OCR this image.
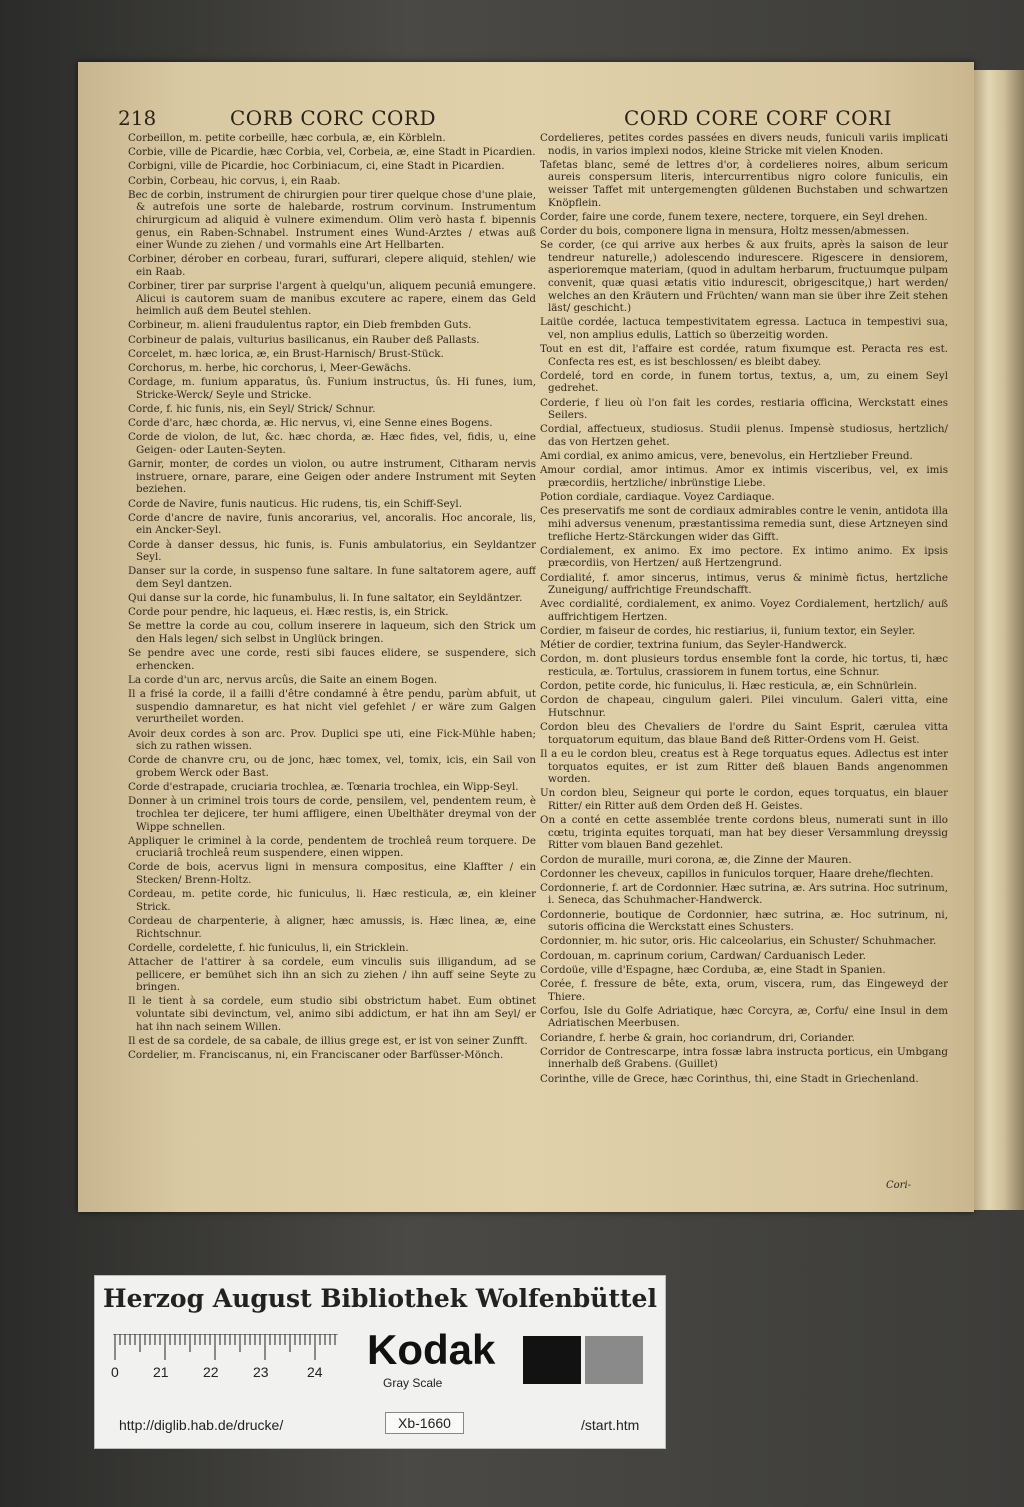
218	CORB CORC CORD	CORD CORE CORF CORI

Corbeillon, m. petite corbeille, hæc corbula, æ, ein Körbleln.

Corbie, ville de Picardie, hæc Corbia, vel, Corbeia, æ, eine Stadt in Picardien.

Corbigni, ville de Picardie, hoc Corbiniacum, ci, eine Stadt in Picardien.

Corbin, Corbeau, hic corvus, i, ein Raab.

Bec de corbin, instrument de chirurgien pour tirer quelque chose d'une plaie, & autrefois une sorte de halebarde, rostrum corvinum. Instrumentum chirurgicum ad aliquid è vulnere eximendum. Olim verò hasta f. bipennis genus, ein Raben-Schnabel. Instrument eines Wund-Arztes / etwas auß einer Wunde zu ziehen / und vormahls eine Art Hellbarten.

Corbiner, dérober en corbeau, furari, suffurari, clepere aliquid, stehlen/ wie ein Raab.

Corbiner, tirer par surprise l'argent à quelqu'un, aliquem pecuniâ emungere. Alicui is cautorem suam de manibus excutere ac rapere, einem das Geld heimlich auß dem Beutel stehlen.

Corbineur, m. alieni fraudulentus raptor, ein Dieb frembden Guts.

Corbineur de palais, vulturius basilicanus, ein Rauber deß Pallasts.

Corcelet, m. hæc lorica, æ, ein Brust-Harnisch/ Brust-Stück.

Corchorus, m. herbe, hic corchorus, i, Meer-Gewächs.

Cordage, m. funium apparatus, ûs. Funium instructus, ûs. Hi funes, ium, Stricke-Werck/ Seyle und Stricke.

Corde, f. hic funis, nis, ein Seyl/ Strick/ Schnur.

Corde d'arc, hæc chorda, æ. Hic nervus, vi, eine Senne eines Bogens.

Corde de violon, de lut, &c. hæc chorda, æ. Hæc fides, vel, fidis, u, eine Geigen- oder Lauten-Seyten.

Garnir, monter, de cordes un violon, ou autre instrument, Citharam nervis instruere, ornare, parare, eine Geigen oder andere Instrument mit Seyten beziehen.

Corde de Navire, funis nauticus. Hic rudens, tis, ein Schiff-Seyl.

Corde d'ancre de navire, funis ancorarius, vel, ancoralis. Hoc ancorale, lis, ein Ancker-Seyl.

Corde à danser dessus, hic funis, is. Funis ambulatorius, ein Seyldantzer Seyl.

Danser sur la corde, in suspenso fune saltare. In fune saltatorem agere, auff dem Seyl dantzen.

Qui danse sur la corde, hic funambulus, li. In fune saltator, ein Seyldäntzer.

Corde pour pendre, hic laqueus, ei. Hæc restis, is, ein Strick.

Se mettre la corde au cou, collum inserere in laqueum, sich den Strick um den Hals legen/ sich selbst in Unglück bringen.

Se pendre avec une corde, resti sibi fauces elidere, se suspendere, sich erhencken.

La corde d'un arc, nervus arcûs, die Saite an einem Bogen.

Il a frisé la corde, il a failli d'être condamné à être pendu, parùm abfuit, ut suspendio damnaretur, es hat nicht viel gefehlet / er wäre zum Galgen verurtheilet worden.

Avoir deux cordes à son arc. Prov. Duplici spe uti, eine Fick-Mühle haben; sich zu rathen wissen.

Corde de chanvre cru, ou de jonc, hæc tomex, vel, tomix, icis, ein Sail von grobem Werck oder Bast.

Corde d'estrapade, cruciaria trochlea, æ. Tœnaria trochlea, ein Wipp-Seyl.

Donner à un criminel trois tours de corde, pensilem, vel, pendentem reum, è trochlea ter dejicere, ter humi affligere, einen Ubelthäter dreymal von der Wippe schnellen.

Appliquer le criminel à la corde, pendentem de trochleâ reum torquere. De cruciariâ trochleâ reum suspendere, einen wippen.

Corde de bois, acervus ligni in mensura compositus, eine Klaffter / ein Stecken/ Brenn-Holtz.

Cordeau, m. petite corde, hic funiculus, li. Hæc resticula, æ, ein kleiner Strick.

Cordeau de charpenterie, à aligner, hæc amussis, is. Hæc linea, æ, eine Richtschnur.

Cordelle, cordelette, f. hic funiculus, li, ein Stricklein.

Attacher de l'attirer à sa cordele, eum vinculis suis illigandum, ad se pellicere, er bemühet sich ihn an sich zu ziehen / ihn auff seine Seyte zu bringen.

Il le tient à sa cordele, eum studio sibi obstrictum habet. Eum obtinet voluntate sibi devinctum, vel, animo sibi addictum, er hat ihn am Seyl/ er hat ihn nach seinem Willen.

Il est de sa cordele, de sa cabale, de illius grege est, er ist von seiner Zunfft.

Cordelier, m. Franciscanus, ni, ein Franciscaner oder Barfüsser-Mönch.

Cordelieres, petites cordes passées en divers neuds, funiculi variis implicati nodis, in varios implexi nodos, kleine Stricke mit vielen Knoden.

Tafetas blanc, semé de lettres d'or, à cordelieres noires, album sericum aureis conspersum literis, intercurrentibus nigro colore funiculis, ein weisser Taffet mit untergemengten güldenen Buchstaben und schwartzen Knöpflein.

Corder, faire une corde, funem texere, nectere, torquere, ein Seyl drehen.

Corder du bois, componere ligna in mensura, Holtz messen/abmessen.

Se corder, (ce qui arrive aux herbes & aux fruits, après la saison de leur tendreur naturelle,) adolescendo indurescere. Rigescere in densiorem, asperioremque materiam, (quod in adultam herbarum, fructuumque pulpam convenit, quæ quasi ætatis vitio indurescit, obrigescitque,) hart werden/ welches an den Kräutern und Früchten/ wann man sie über ihre Zeit stehen läst/ geschicht.)

Laitüe cordée, lactuca tempestivitatem egressa. Lactuca in tempestivi sua, vel, non amplius edulis, Lattich so überzeitig worden.

Tout en est dit, l'affaire est cordée, ratum fixumque est. Peracta res est. Confecta res est, es ist beschlossen/ es bleibt dabey.

Cordelé, tord en corde, in funem tortus, textus, a, um, zu einem Seyl gedrehet.

Corderie, f lieu où l'on fait les cordes, restiaria officina, Werckstatt eines Seilers.

Cordial, affectueux, studiosus. Studii plenus. Impensè studiosus, hertzlich/ das von Hertzen gehet.

Ami cordial, ex animo amicus, vere, benevolus, ein Hertzlieber Freund.

Amour cordial, amor intimus. Amor ex intimis visceribus, vel, ex imis præcordiis, hertzliche/ inbrünstige Liebe.

Potion cordiale, cardiaque. Voyez Cardiaque.

Ces preservatifs me sont de cordiaux admirables contre le venin, antidota illa mihi adversus venenum, præstantissima remedia sunt, diese Artzneyen sind trefliche Hertz-Stärckungen wider das Gifft.

Cordialement, ex animo. Ex imo pectore. Ex intimo animo. Ex ipsis præcordiis, von Hertzen/ auß Hertzengrund.

Cordialité, f. amor sincerus, intimus, verus & minimè fictus, hertzliche Zuneigung/ auffrichtige Freundschafft.

Avec cordialité, cordialement, ex animo. Voyez Cordialement, hertzlich/ auß auffrichtigem Hertzen.

Cordier, m faiseur de cordes, hic restiarius, ii, funium textor, ein Seyler.

Métier de cordier, textrina funium, das Seyler-Handwerck.

Cordon, m. dont plusieurs tordus ensemble font la corde, hic tortus, ti, hæc resticula, æ. Tortulus, crassiorem in funem tortus, eine Schnur.

Cordon, petite corde, hic funiculus, li. Hæc resticula, æ, ein Schnürlein.

Cordon de chapeau, cingulum galeri. Pilei vinculum. Galeri vitta, eine Hutschnur.

Cordon bleu des Chevaliers de l'ordre du Saint Esprit, cærulea vitta torquatorum equitum, das blaue Band deß Ritter-Ordens vom H. Geist.

Il a eu le cordon bleu, creatus est à Rege torquatus eques. Adlectus est inter torquatos equites, er ist zum Ritter deß blauen Bands angenommen worden.

Un cordon bleu, Seigneur qui porte le cordon, eques torquatus, ein blauer Ritter/ ein Ritter auß dem Orden deß H. Geistes.

On a conté en cette assemblée trente cordons bleus, numerati sunt in illo cœtu, triginta equites torquati, man hat bey dieser Versammlung dreyssig Ritter vom blauen Band gezehlet.

Cordon de muraille, muri corona, æ, die Zinne der Mauren.

Cordonner les cheveux, capillos in funiculos torquer, Haare drehe/flechten.

Cordonnerie, f. art de Cordonnier. Hæc sutrina, æ. Ars sutrina. Hoc sutrinum, i. Seneca, das Schuhmacher-Handwerck.

Cordonnerie, boutique de Cordonnier, hæc sutrina, æ. Hoc sutrinum, ni, sutoris officina die Werckstatt eines Schusters.

Cordonnier, m. hic sutor, oris. Hic calceolarius, ein Schuster/ Schuhmacher.

Cordouan, m. caprinum corium, Cardwan/ Carduanisch Leder.

Cordoüe, ville d'Espagne, hæc Corduba, æ, eine Stadt in Spanien.

Corée, f. fressure de bête, exta, orum, viscera, rum, das Eingeweyd der Thiere.

Corfou, Isle du Golfe Adriatique, hæc Corcyra, æ, Corfu/ eine Insul in dem Adriatischen Meerbusen.

Coriandre, f. herbe & grain, hoc coriandrum, dri, Coriander.

Corridor de Contrescarpe, intra fossæ labra instructa porticus, ein Umbgang innerhalb deß Grabens. (Guillet)

Corinthe, ville de Grece, hæc Corinthus, thi, eine Stadt in Griechenland.

Cori-
Herzog August Bibliothek Wolfenbüttel
0 21 22 23	24 Kodak
Gray Scale
http://diglib.hab.de/drucke/	Xb-1660	/start.htm
